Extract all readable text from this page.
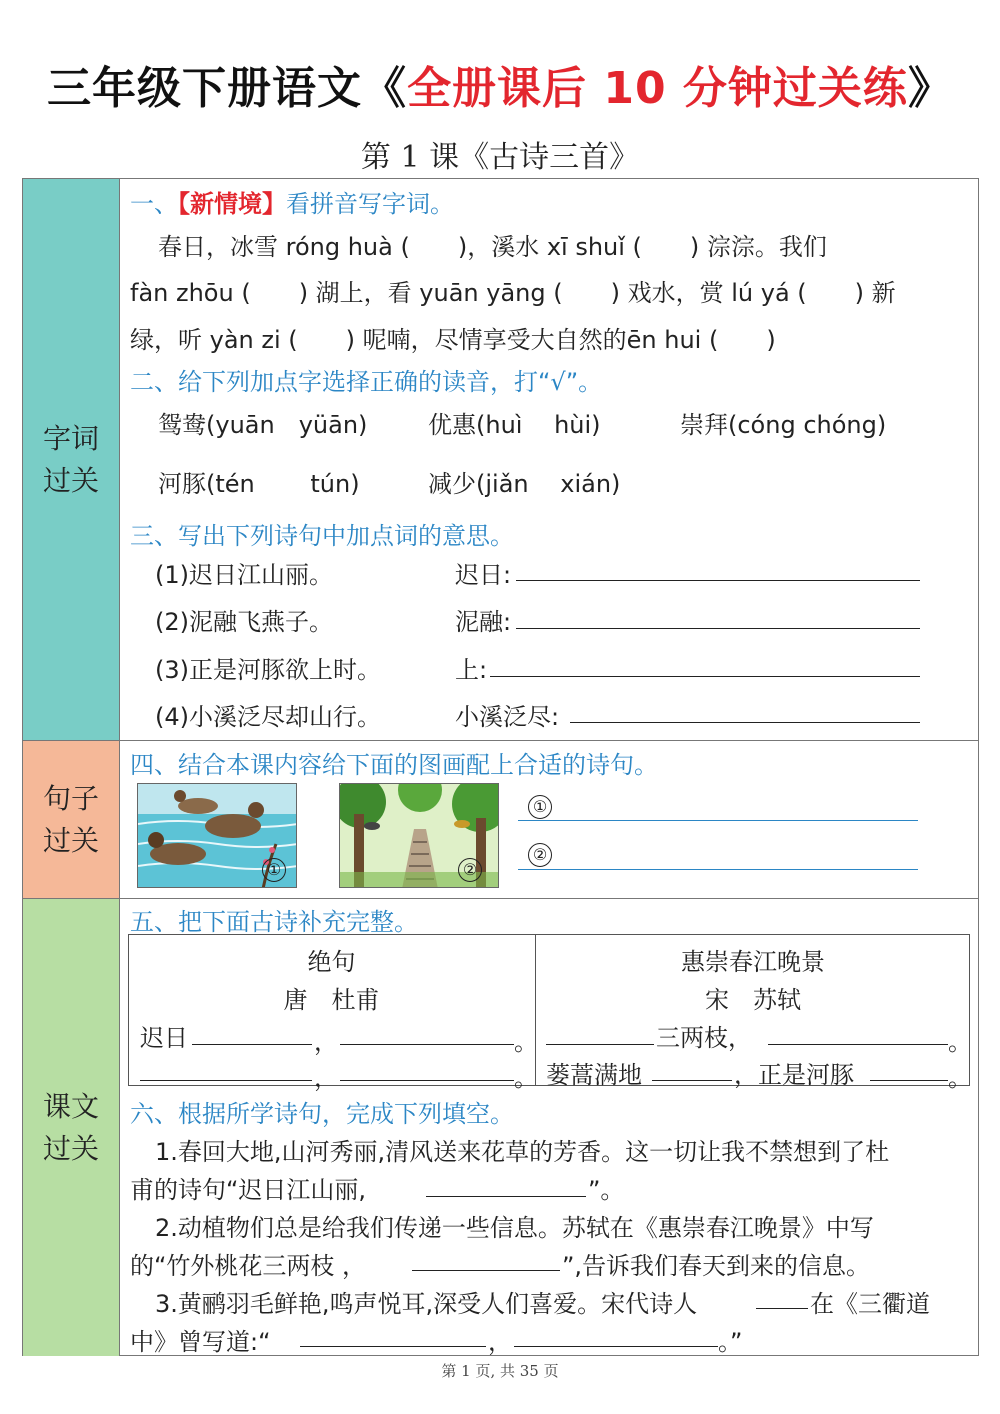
三年级下册语文《全册课后 10 分钟过关练》
第 1 课《古诗三首》
字词过关
句子过关
课文过关
一、【新情境】看拼音写字词。
春日，冰雪 róng huà (　　)，溪水 xī shuǐ (　　) 淙淙。我们
fàn zhōu (　　) 湖上，看 yuān yāng (　　) 戏水，赏 lú yá (　　) 新
绿，听 yàn zi (　　) 呢喃，尽情享受大自然的ēn hui (　　)
二、给下列加点字选择正确的读音，打“√”。
鸳鸯(yuān　yüān)	优惠(huì　 hùi)	崇拜(cóng chóng)
河豚(tén　　 tún)	减少(jiǎn　 xián)
三、写出下列诗句中加点词的意思。
(1)迟日江山丽。	迟日:
(2)泥融飞燕子。	泥融:
(3)正是河豚欲上时。	上:
(4)小溪泛尽却山行。	小溪泛尽:
四、结合本课内容给下面的图画配上合适的诗句。
①	②
①
②
五、把下面古诗补充完整。
绝句
唐　杜甫
迟日	，	。
，	。
惠崇春江晚景
宋　苏轼
三两枝，	。
蒌蒿满地	，正是河豚	。
六、根据所学诗句，完成下列填空。
1.春回大地,山河秀丽,清风送来花草的芳香。这一切让我不禁想到了杜
甫的诗句“迟日江山丽,	”。
2.动植物们总是给我们传递一些信息。苏轼在《惠崇春江晚景》中写
的“竹外桃花三两枝 ，	”,告诉我们春天到来的信息。
3.黄鹂羽毛鲜艳,鸣声悦耳,深受人们喜爱。宋代诗人	在《三衢道
中》曾写道:“	，	。”
第 1 页, 共 35 页
